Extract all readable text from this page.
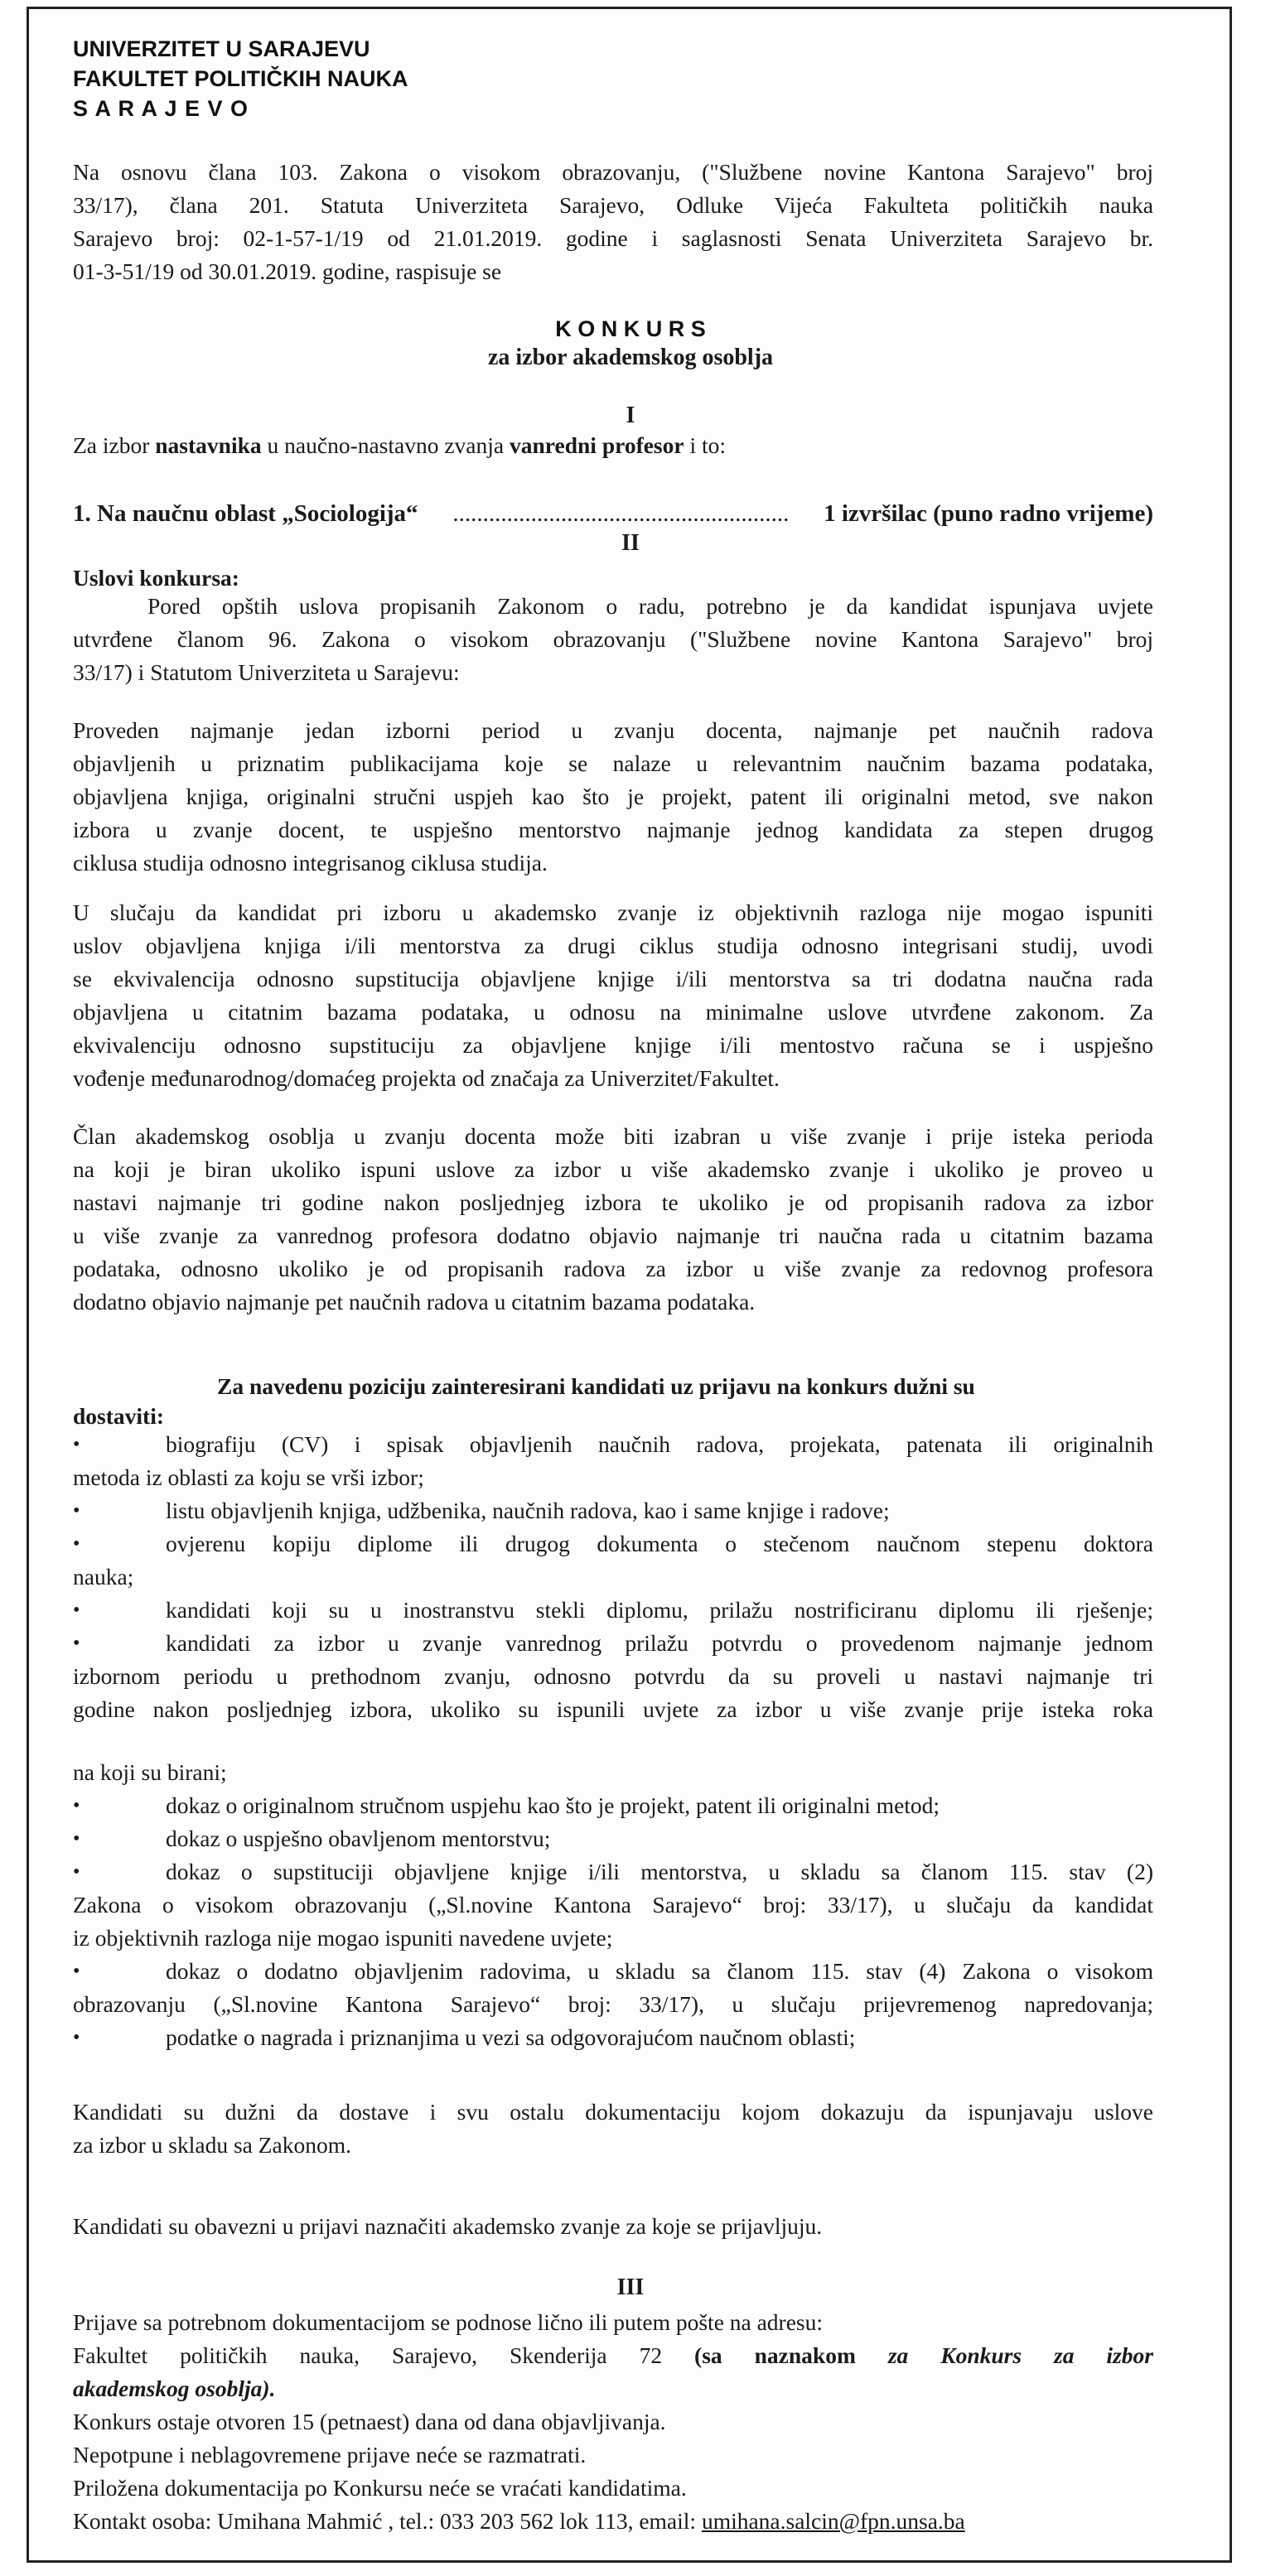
UNIVERZITET U SARAJEVU
FAKULTET POLITIČKIH NAUKA
S A R A J E V O
Na osnovu člana 103. Zakona o visokom obrazovanju, ("Službene novine Kantona Sarajevo" broj
33/17), člana 201. Statuta Univerziteta Sarajevo, Odluke Vijeća Fakulteta političkih nauka
Sarajevo broj: 02-1-57-1/19 od 21.01.2019. godine i saglasnosti Senata Univerziteta Sarajevo br.
01-3-51/19 od 30.01.2019. godine, raspisuje se
K O N K U R S
za izbor akademskog osoblja
I
Za izbor nastavnika u naučno-nastavno zvanja vanredni profesor i to:
1. Na naučnu oblast „Sociologija“	........................................................	1 izvršilac (puno radno vrijeme)
II
Uslovi konkursa:
Pored opštih uslova propisanih Zakonom o radu, potrebno je da kandidat ispunjava uvjete
utvrđene članom 96. Zakona o visokom obrazovanju ("Službene novine Kantona Sarajevo" broj
33/17) i Statutom Univerziteta u Sarajevu:
Proveden najmanje jedan izborni period u zvanju docenta, najmanje pet naučnih radova
objavljenih u priznatim publikacijama koje se nalaze u relevantnim naučnim bazama podataka,
objavljena knjiga, originalni stručni uspjeh kao što je projekt, patent ili originalni metod, sve nakon
izbora u zvanje docent, te uspješno mentorstvo najmanje jednog kandidata za stepen drugog
ciklusa studija odnosno integrisanog ciklusa studija.
U slučaju da kandidat pri izboru u akademsko zvanje iz objektivnih razloga nije mogao ispuniti
uslov objavljena knjiga i/ili mentorstva za drugi ciklus studija odnosno integrisani studij, uvodi
se ekvivalencija odnosno supstitucija objavljene knjige i/ili mentorstva sa tri dodatna naučna rada
objavljena u citatnim bazama podataka, u odnosu na minimalne uslove utvrđene zakonom. Za
ekvivalenciju odnosno supstituciju za objavljene knjige i/ili mentostvo računa se i uspješno
vođenje međunarodnog/domaćeg projekta od značaja za Univerzitet/Fakultet.
Član akademskog osoblja u zvanju docenta može biti izabran u više zvanje i prije isteka perioda
na koji je biran ukoliko ispuni uslove za izbor u više akademsko zvanje i ukoliko je proveo u
nastavi najmanje tri godine nakon posljednjeg izbora te ukoliko je od propisanih radova za izbor
u više zvanje za vanrednog profesora dodatno objavio najmanje tri naučna rada u citatnim bazama
podataka, odnosno ukoliko je od propisanih radova za izbor u više zvanje za redovnog profesora
dodatno objavio najmanje pet naučnih radova u citatnim bazama podataka.
Za navedenu poziciju zainteresirani kandidati uz prijavu na konkurs dužni su
dostaviti:
•	biografiju (CV) i spisak objavljenih naučnih radova, projekata, patenata ili originalnih
metoda iz oblasti za koju se vrši izbor;
•	listu objavljenih knjiga, udžbenika, naučnih radova, kao i same knjige i radove;
•	ovjerenu kopiju diplome ili drugog dokumenta o stečenom naučnom stepenu doktora
nauka;
•	kandidati koji su u inostranstvu stekli diplomu, prilažu nostrificiranu diplomu ili rješenje;
•	kandidati za izbor u zvanje vanrednog prilažu potvrdu o provedenom najmanje jednom
izbornom periodu u prethodnom zvanju, odnosno potvrdu da su proveli u nastavi najmanje tri
godine nakon posljednjeg izbora, ukoliko su ispunili uvjete za izbor u više zvanje prije isteka roka
na koji su birani;
•	dokaz o originalnom stručnom uspjehu kao što je projekt, patent ili originalni metod;
•	dokaz o uspješno obavljenom mentorstvu;
•	dokaz o supstituciji objavljene knjige i/ili mentorstva, u skladu sa članom 115. stav (2)
Zakona o visokom obrazovanju („Sl.novine Kantona Sarajevo“ broj: 33/17), u slučaju da kandidat
iz objektivnih razloga nije mogao ispuniti navedene uvjete;
•	dokaz o dodatno objavljenim radovima, u skladu sa članom 115. stav (4) Zakona o visokom
obrazovanju („Sl.novine Kantona Sarajevo“ broj: 33/17), u slučaju prijevremenog napredovanja;
•	podatke o nagrada i priznanjima u vezi sa odgovorajućom naučnom oblasti;
Kandidati su dužni da dostave i svu ostalu dokumentaciju kojom dokazuju da ispunjavaju uslove
za izbor u skladu sa Zakonom.
Kandidati su obavezni u prijavi naznačiti akademsko zvanje za koje se prijavljuju.
III
Prijave sa potrebnom dokumentacijom se podnose lično ili putem pošte na adresu:
Fakultet političkih nauka, Sarajevo, Skenderija 72 (sa naznakom za Konkurs za izbor
akademskog osoblja).
Konkurs ostaje otvoren 15 (petnaest) dana od dana objavljivanja.
Nepotpune i neblagovremene prijave neće se razmatrati.
Priložena dokumentacija po Konkursu neće se vraćati kandidatima.
Kontakt osoba: Umihana Mahmić , tel.: 033 203 562 lok 113, email: umihana.salcin@fpn.unsa.ba
